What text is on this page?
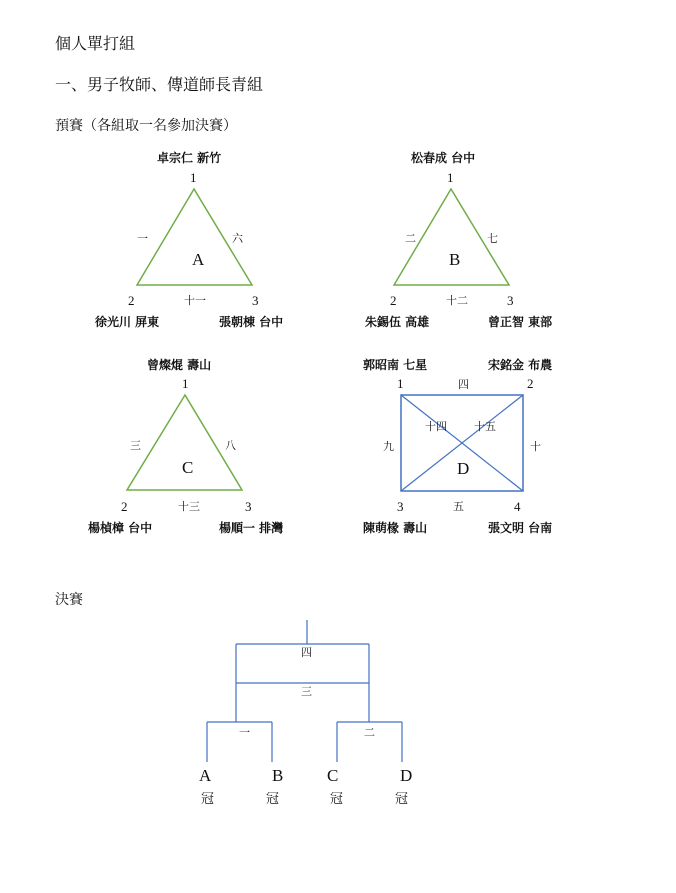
個人單打組
一、男子牧師、傳道師長青組
預賽（各組取一名參加決賽）
卓宗仁 新竹
1
一	六
A
2	十一	3
徐光川 屏東	張朝棟 台中
松春成 台中
1
二	七
B
2	十二	3
朱錫伍 高雄	曾正智 東部
曾燦焜 壽山
1
三	八
C
2	十三	3
楊楨樟 台中	楊順一 排灣
郭昭南 七星	宋銘金 布農
1	四	2
十四 十五
九	十
D
3	五	4
陳萌椽 壽山	張文明 台南
決賽
四
三
一	二
A	B	C	D
冠	冠	冠	冠
